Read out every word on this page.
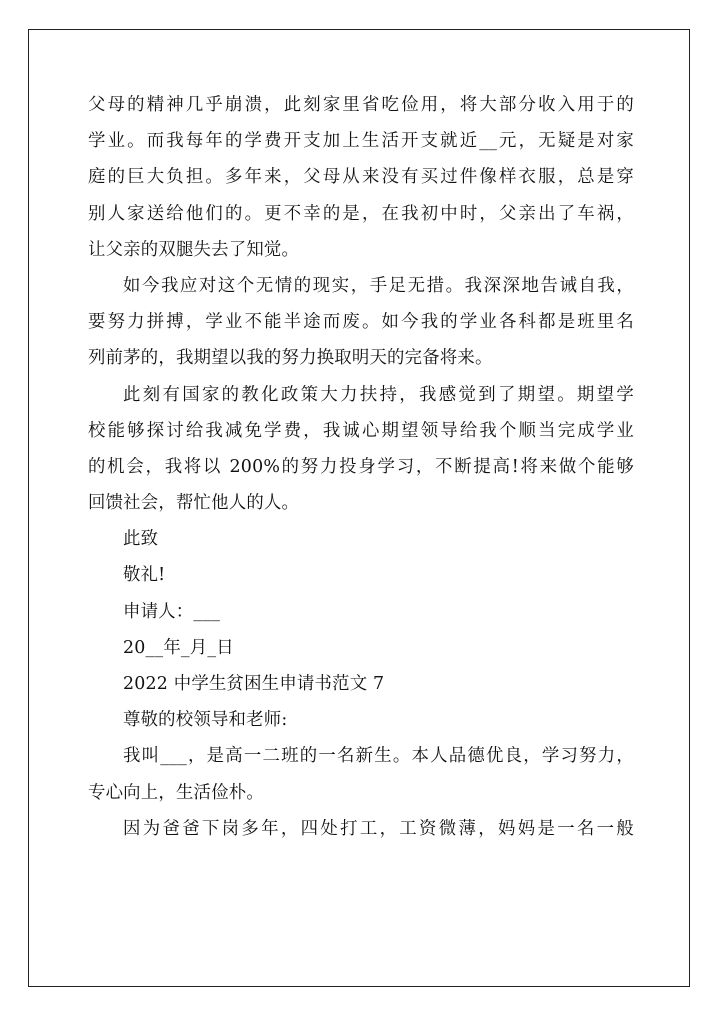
父母的精神几乎崩溃，此刻家里省吃俭用，将大部分收入用于的
学业。而我每年的学费开支加上生活开支就近__元，无疑是对家
庭的巨大负担。多年来，父母从来没有买过件像样衣服，总是穿
别人家送给他们的。更不幸的是，在我初中时，父亲出了车祸，
让父亲的双腿失去了知觉。
如今我应对这个无情的现实，手足无措。我深深地告诫自我，
要努力拼搏，学业不能半途而废。如今我的学业各科都是班里名
列前茅的，我期望以我的努力换取明天的完备将来。
此刻有国家的教化政策大力扶持，我感觉到了期望。期望学
校能够探讨给我减免学费，我诚心期望领导给我个顺当完成学业
的机会，我将以 200%的努力投身学习，不断提高!将来做个能够
回馈社会，帮忙他人的人。
此致
敬礼!
申请人：___
20__年_月_日
2022 中学生贫困生申请书范文 7
尊敬的校领导和老师:
我叫___，是高一二班的一名新生。本人品德优良，学习努力，
专心向上，生活俭朴。
因为爸爸下岗多年，四处打工，工资微薄，妈妈是一名一般
